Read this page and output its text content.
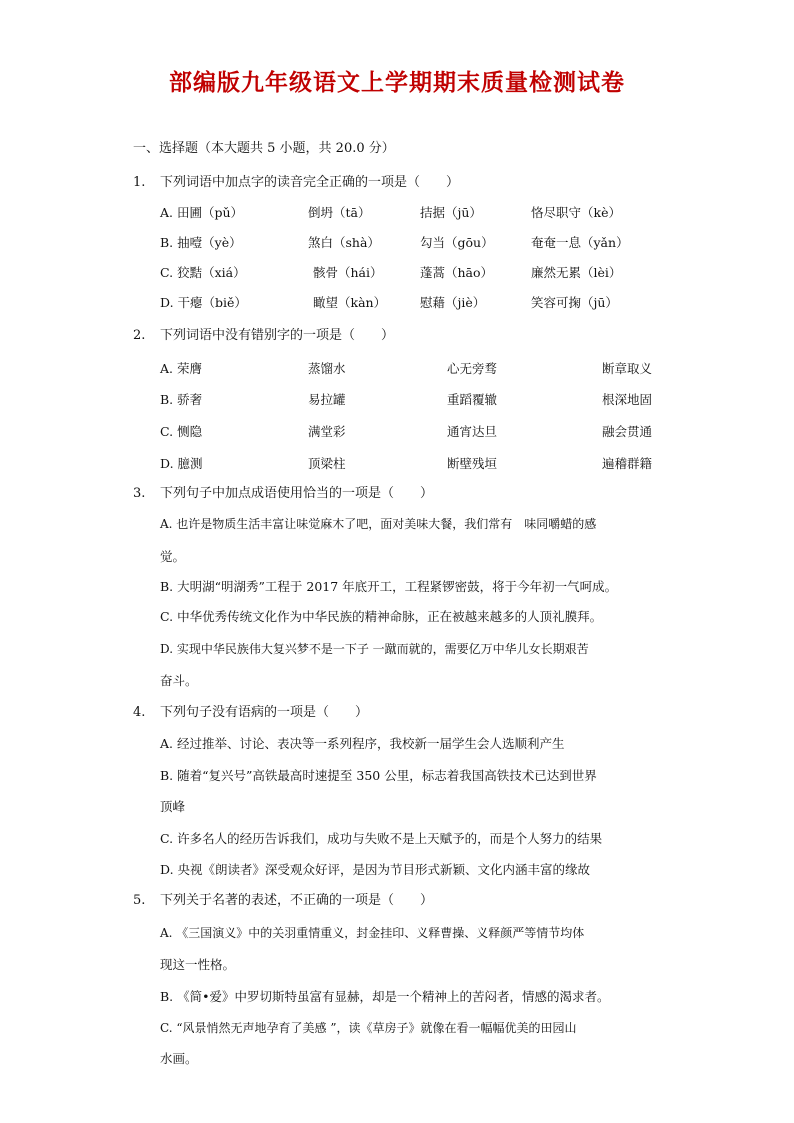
部编版九年级语文上学期期末质量检测试卷
一、选择题（本大题共 5 小题，共 20.0 分）
1. 下列词语中加点字的读音完全正确的一项是（　　）
A. 田圃（pǔ）	倒坍（tā）	拮据（jū）	恪尽职守（kè）
B. 抽噎（yè）	煞白（shà）	勾当（gōu）	奄奄一息（yǎn）
C. 狡黠（xiá）	骸骨（hái）	蓬蒿（hāo）	廉然无累（lèi）
D. 干瘪（biě）	瞰望（kàn）	慰藉（jiè）	笑容可掬（jū）
2. 下列词语中没有错别字的一项是（　　）
A. 荣膺	蒸馏水	心无旁骛	断章取义
B. 骄奢	易拉罐	重蹈覆辙	根深地固
C. 恻隐	满堂彩	通宵达旦	融会贯通
D. 臆测	顶梁柱	断壁残垣	遍稽群籍
3. 下列句子中加点成语使用恰当的一项是（　　）
A. 也许是物质生活丰富让味觉麻木了吧，面对美味大餐，我们常有　味同嚼蜡的感
觉。
B. 大明湖“明湖秀”工程于 2017 年底开工，工程紧锣密鼓，将于今年初一气呵成。
C. 中华优秀传统文化作为中华民族的精神命脉，正在被越来越多的人顶礼膜拜。
D. 实现中华民族伟大复兴梦不是一下子 一蹴而就的，需要亿万中华儿女长期艰苦
奋斗。
4. 下列句子没有语病的一项是（　　）
A. 经过推举、讨论、表决等一系列程序，我校新一届学生会人选顺利产生
B. 随着“复兴号”高铁最高时速提至 350 公里，标志着我国高铁技术已达到世界
顶峰
C. 许多名人的经历告诉我们，成功与失败不是上天赋予的，而是个人努力的结果
D. 央视《朗读者》深受观众好评，是因为节目形式新颖、文化内涵丰富的缘故
5. 下列关于名著的表述，不正确的一项是（　　）
A. 《三国演义》中的关羽重情重义，封金挂印、义释曹操、义释颜严等情节均体
现这一性格。
B. 《简•爱》中罗切斯特虽富有显赫，却是一个精神上的苦闷者，情感的渴求者。
C. “风景悄然无声地孕育了美感 ”，读《草房子》就像在看一幅幅优美的田园山
水画。
